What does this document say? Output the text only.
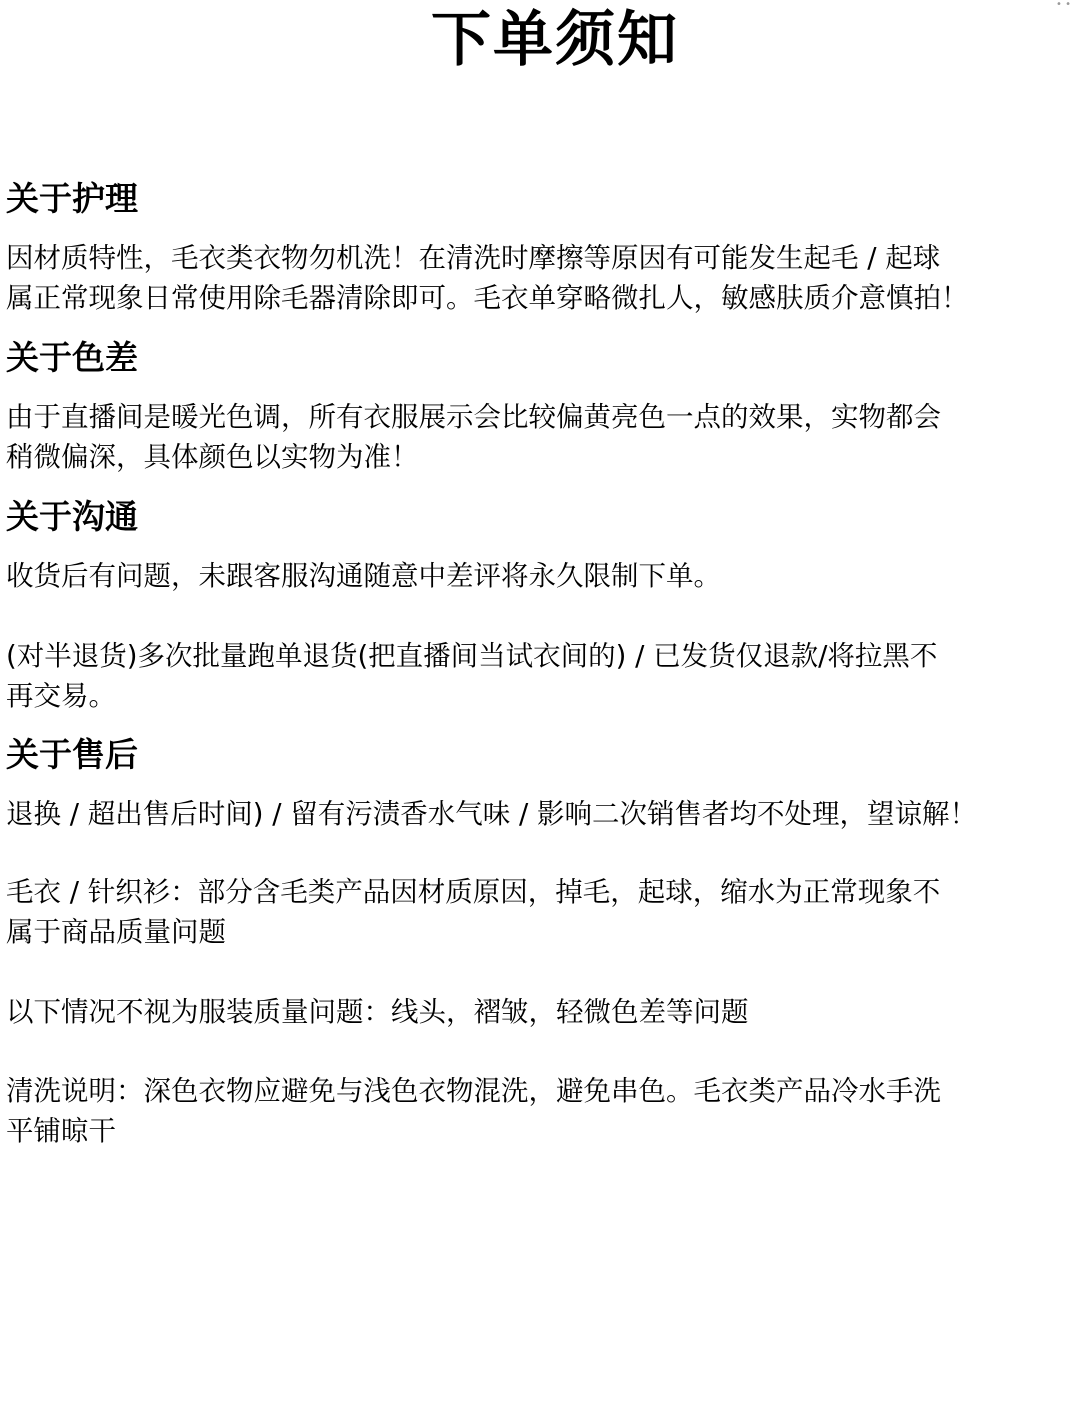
• •
下单须知
关于护理
因材质特性，毛衣类衣物勿机洗！在清洗时摩擦等原因有可能发生起毛 / 起球
属正常现象日常使用除毛器清除即可。毛衣单穿略微扎人，敏感肤质介意慎拍！
关于色差
由于直播间是暖光色调，所有衣服展示会比较偏黄亮色一点的效果，实物都会
稍微偏深，具体颜色以实物为准！
关于沟通
收货后有问题，未跟客服沟通随意中差评将永久限制下单。
(对半退货)多次批量跑单退货(把直播间当试衣间的) / 已发货仅退款/将拉黑不
再交易。
关于售后
退换 / 超出售后时间) / 留有污渍香水气味 / 影响二次销售者均不处理，望谅解！
毛衣 / 针织衫：部分含毛类产品因材质原因，掉毛，起球，缩水为正常现象不
属于商品质量问题
以下情况不视为服装质量问题：线头，褶皱，轻微色差等问题
清洗说明：深色衣物应避免与浅色衣物混洗，避免串色。毛衣类产品冷水手洗
平铺晾干
